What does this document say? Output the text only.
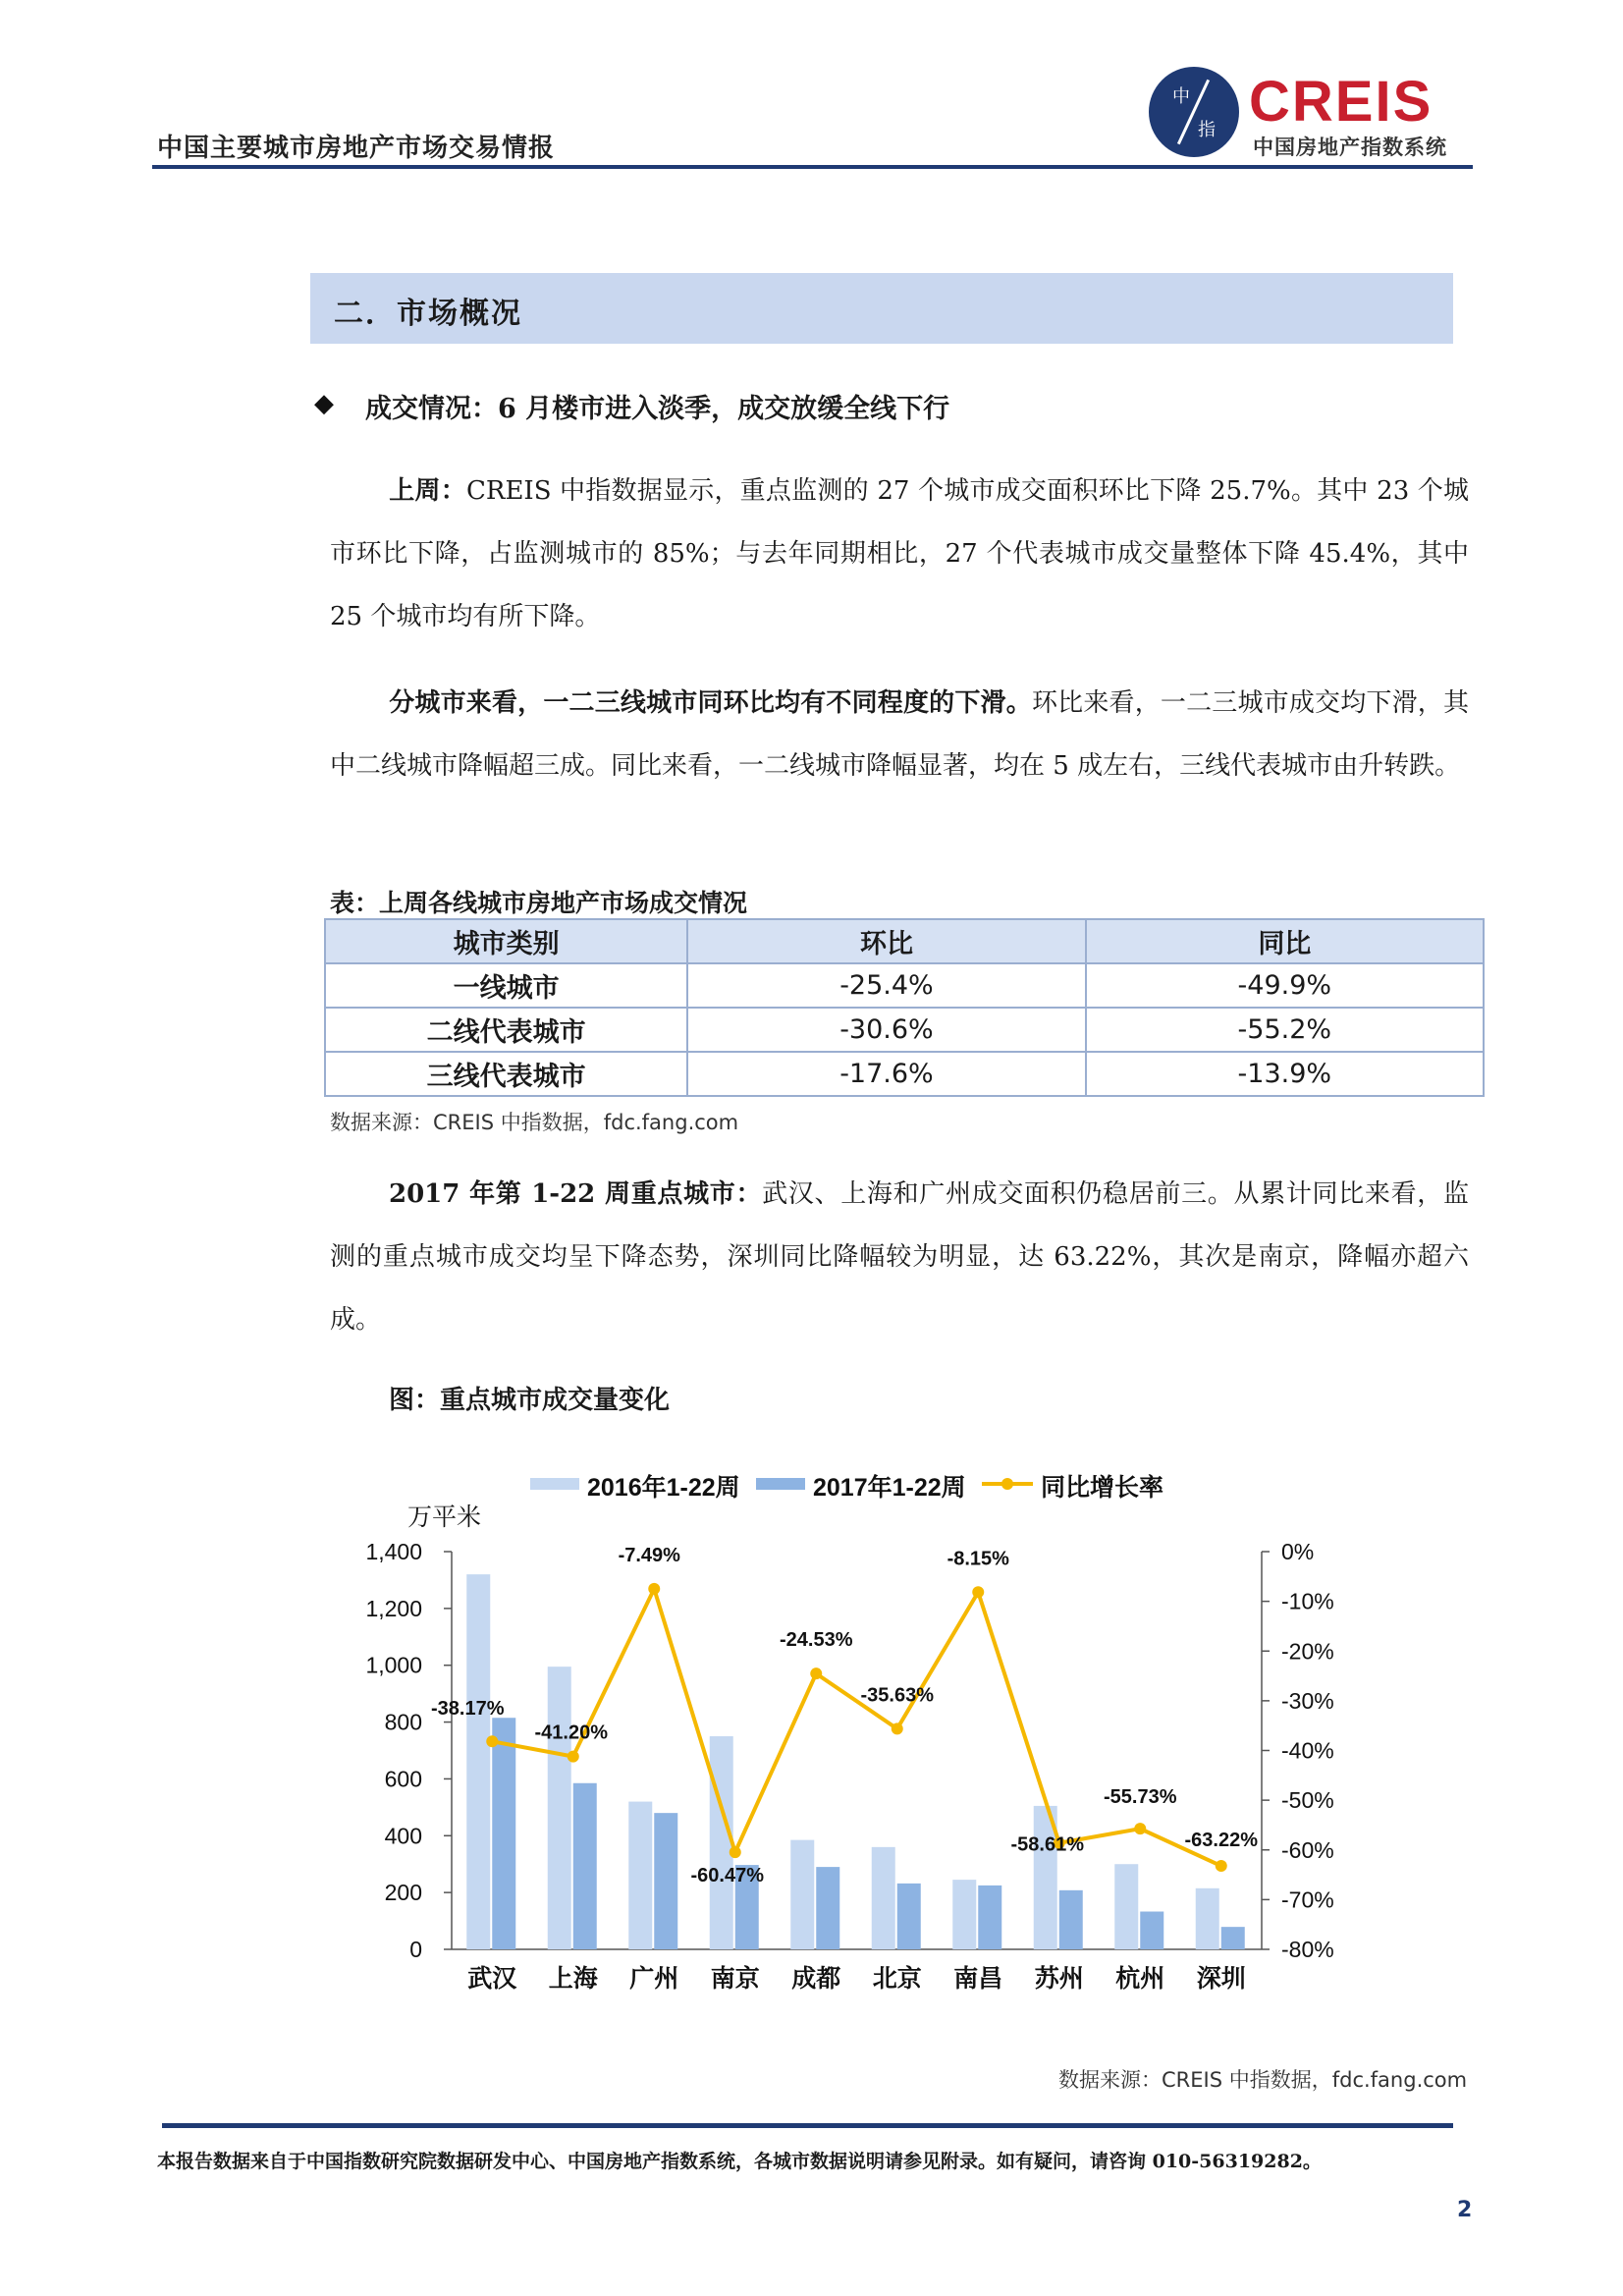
中国主要城市房地产市场交易情报
中
指 CREIS
中国房地产指数系统
二．市场概况
◆ 成交情况：6 月楼市进入淡季，成交放缓全线下行
上周：CREIS 中指数据显示，重点监测的 27 个城市成交面积环比下降 25.7%。其中 23 个城市环比下降，占监测城市的 85%；与去年同期相比，27 个代表城市成交量整体下降 45.4%，其中 25 个城市均有所下降。
分城市来看，一二三线城市同环比均有不同程度的下滑。环比来看，一二三城市成交均下滑，其中二线城市降幅超三成。同比来看，一二线城市降幅显著，均在 5 成左右，三线代表城市由升转跌。
表：上周各线城市房地产市场成交情况
城市类别	环比	同比
一线城市	-25.4%	-49.9%
二线代表城市	-30.6%	-55.2%
三线代表城市	-17.6%	-13.9%
数据来源：CREIS 中指数据，fdc.fang.com
2017 年第 1-22 周重点城市：武汉、上海和广州成交面积仍稳居前三。从累计同比来看，监测的重点城市成交均呈下降态势，深圳同比降幅较为明显，达 63.22%，其次是南京，降幅亦超六成。
图：重点城市成交量变化
0
200
400
600
800
1,000
1,200
1,400
-80%
-70%
-60%
-50%
-40%
-30%
-20%
-10%
0%
万平米
武汉 上海 广州 南京 成都 北京 南昌 苏州 杭州 深圳
-38.17%
-41.20%
-7.49%
-60.47%
-24.53%
-35.63%
-8.15%
-58.61%
-55.73%
-63.22%
2016年1-22周	2017年1-22周	同比增长率
数据来源：CREIS 中指数据，fdc.fang.com
本报告数据来自于中国指数研究院数据研发中心、中国房地产指数系统，各城市数据说明请参见附录。如有疑问，请咨询 010-56319282。
2
